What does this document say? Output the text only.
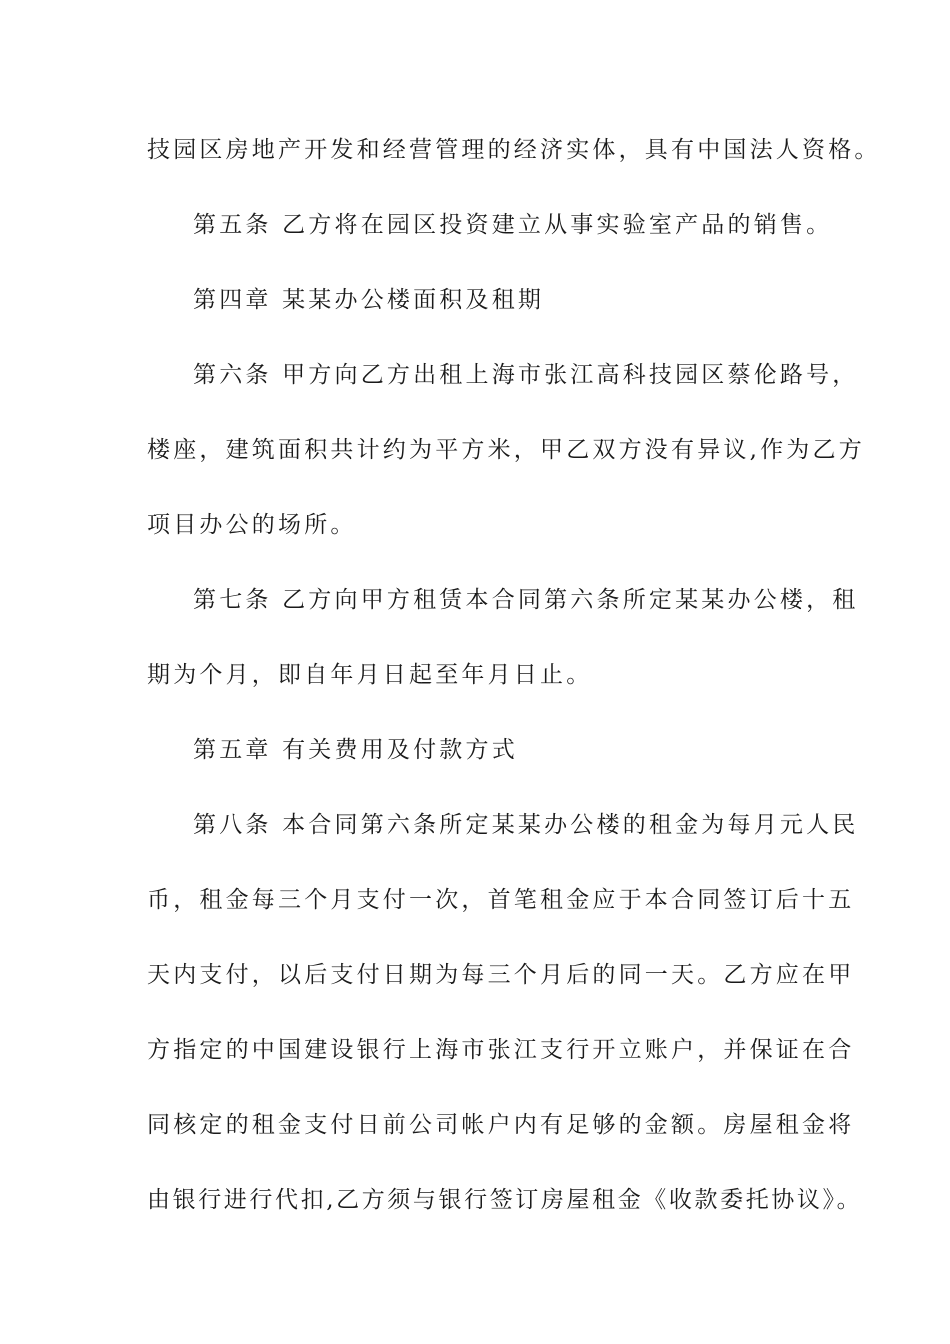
技园区房地产开发和经营管理的经济实体，具有中国法人资格。
第五条 乙方将在园区投资建立从事实验室产品的销售。
第四章 某某办公楼面积及租期
第六条 甲方向乙方出租上海市张江高科技园区蔡伦路号，
楼座，建筑面积共计约为平方米，甲乙双方没有异议,作为乙方
项目办公的场所。
第七条 乙方向甲方租赁本合同第六条所定某某办公楼，租
期为个月，即自年月日起至年月日止。
第五章 有关费用及付款方式
第八条 本合同第六条所定某某办公楼的租金为每月元人民
币，租金每三个月支付一次，首笔租金应于本合同签订后十五
天内支付，以后支付日期为每三个月后的同一天。乙方应在甲
方指定的中国建设银行上海市张江支行开立账户，并保证在合
同核定的租金支付日前公司帐户内有足够的金额。房屋租金将
由银行进行代扣,乙方须与银行签订房屋租金《收款委托协议》。
